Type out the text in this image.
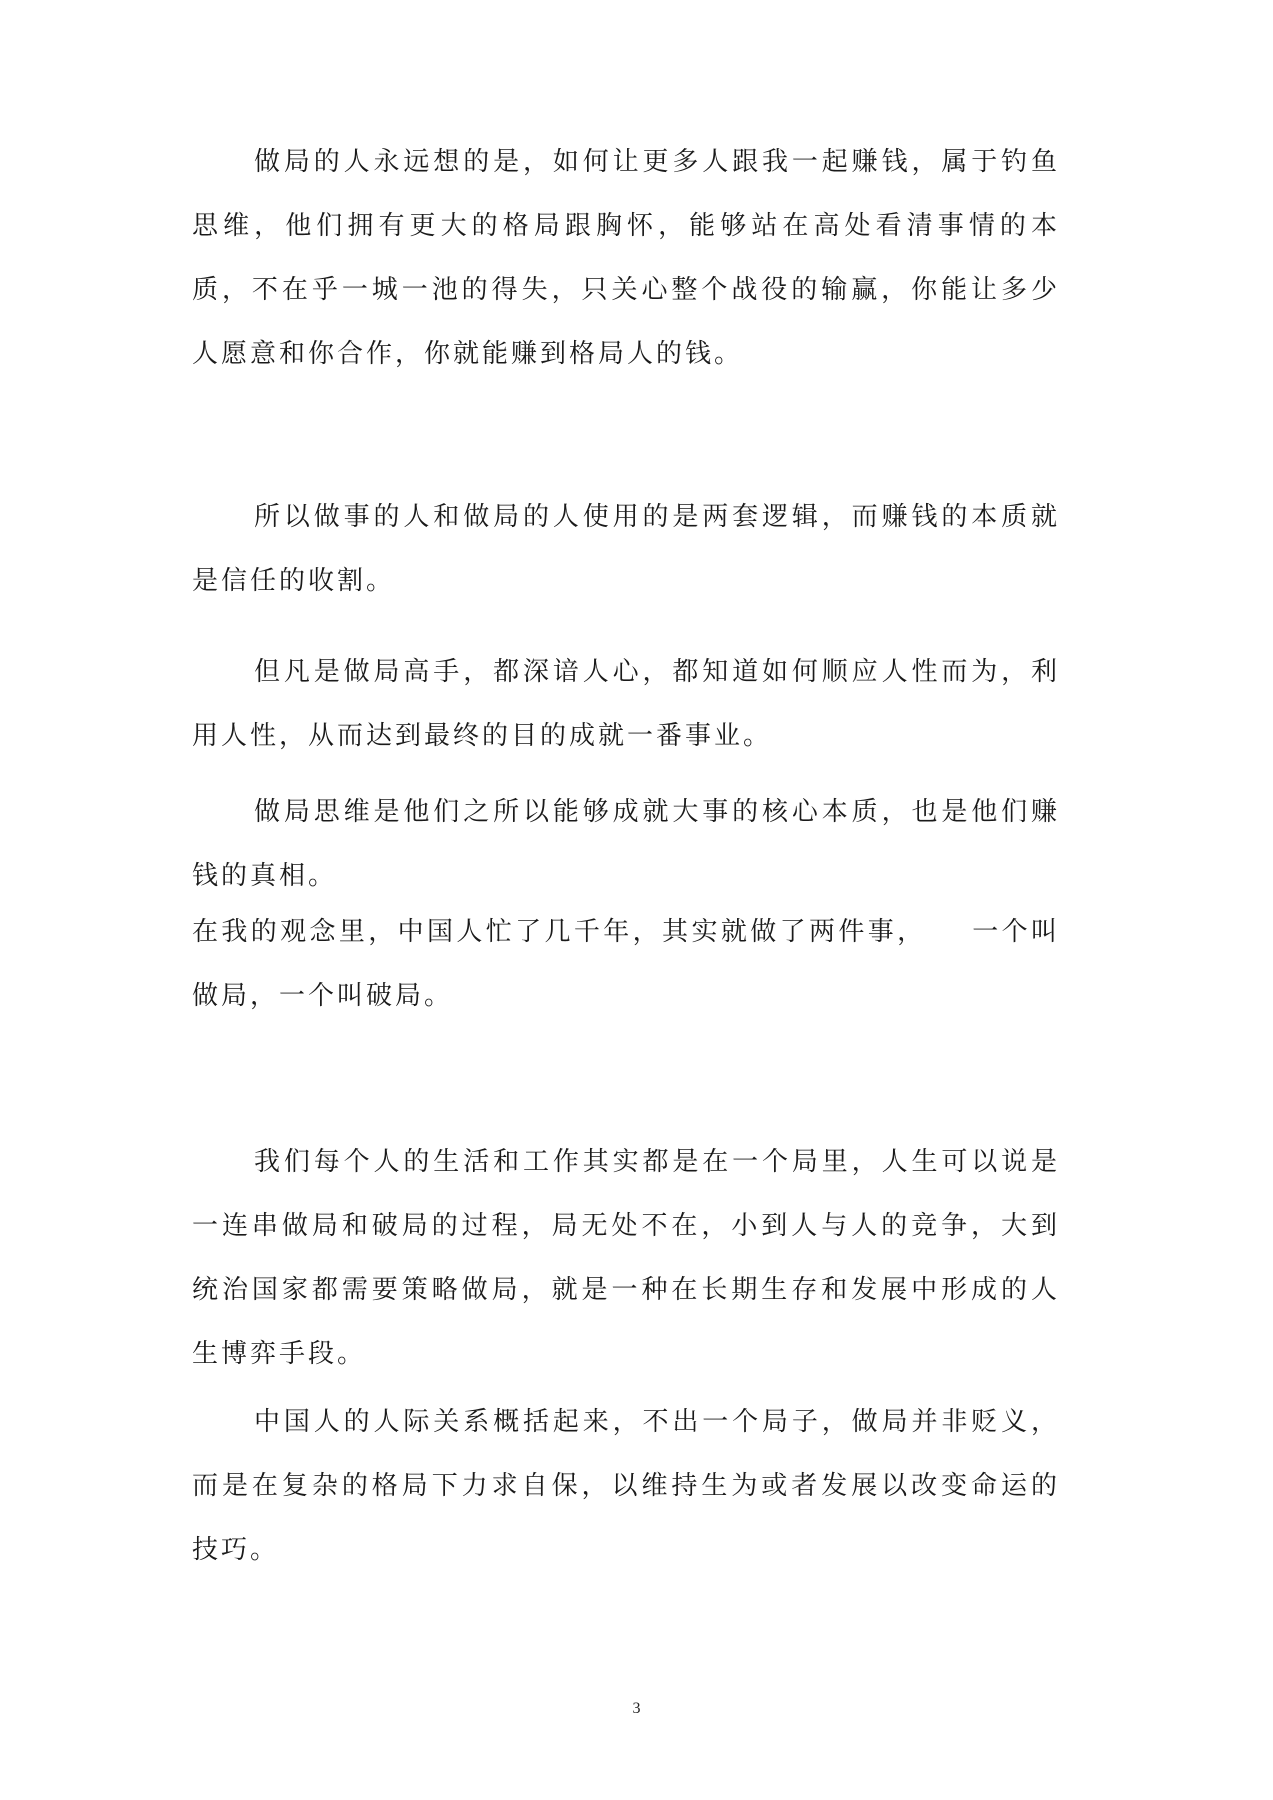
做局的人永远想的是，如何让更多人跟我一起赚钱，属于钓鱼思维，他们拥有更大的格局跟胸怀，能够站在高处看清事情的本质，不在乎一城一池的得失，只关心整个战役的输赢，你能让多少人愿意和你合作，你就能赚到格局人的钱。

所以做事的人和做局的人使用的是两套逻辑，而赚钱的本质就是信任的收割。

但凡是做局高手，都深谙人心，都知道如何顺应人性而为，利用人性，从而达到最终的目的成就一番事业。

做局思维是他们之所以能够成就大事的核心本质，也是他们赚钱的真相。

在我的观念里，中国人忙了几千年，其实就做了两件事，　　一个叫做局，一个叫破局。

我们每个人的生活和工作其实都是在一个局里，人生可以说是一连串做局和破局的过程，局无处不在，小到人与人的竞争，大到统治国家都需要策略做局，就是一种在长期生存和发展中形成的人生博弈手段。

中国人的人际关系概括起来，不出一个局子，做局并非贬义，而是在复杂的格局下力求自保，以维持生为或者发展以改变命运的技巧。

3
